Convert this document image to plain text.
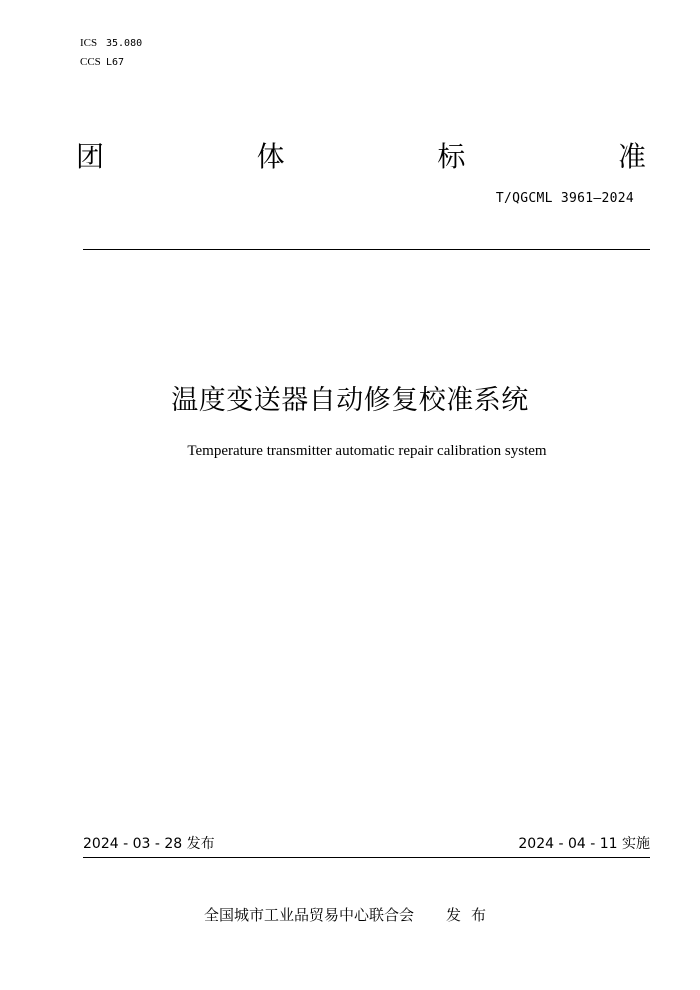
ICS 35.080
CCS L67
团	体	标	准
T/QGCML 3961—2024
温度变送器自动修复校准系统
Temperature transmitter automatic repair calibration system
2024 - 03 - 28 发布	2024 - 04 - 11 实施
全国城市工业品贸易中心联合会 发布
